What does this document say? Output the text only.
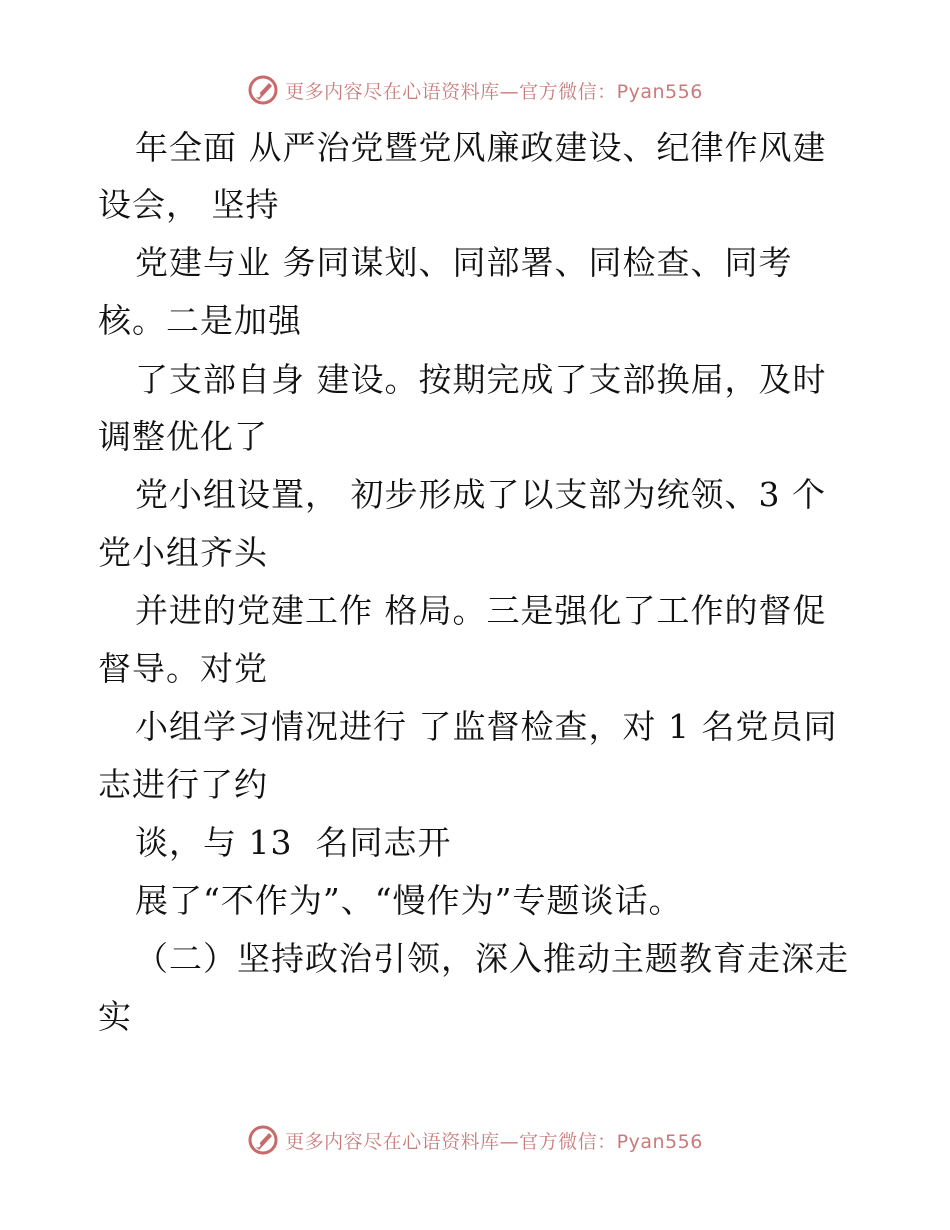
更多内容尽在心语资料库—官方微信：Pyan556
年全面 从严治党暨党风廉政建设、纪律作风建
设会， 坚持
党建与业 务同谋划、同部署、同检查、同考
核。二是加强
了支部自身 建设。按期完成了支部换届，及时
调整优化了
党小组设置， 初步形成了以支部为统领、3 个
党小组齐头
并进的党建工作 格局。三是强化了工作的督促
督导。对党
小组学习情况进行 了监督检查，对 1 名党员同
志进行了约
谈，与 13  名同志开
展了“不作为”、“慢作为”专题谈话。
（二）坚持政治引领，深入推动主题教育走深走
实
更多内容尽在心语资料库—官方微信：Pyan556
